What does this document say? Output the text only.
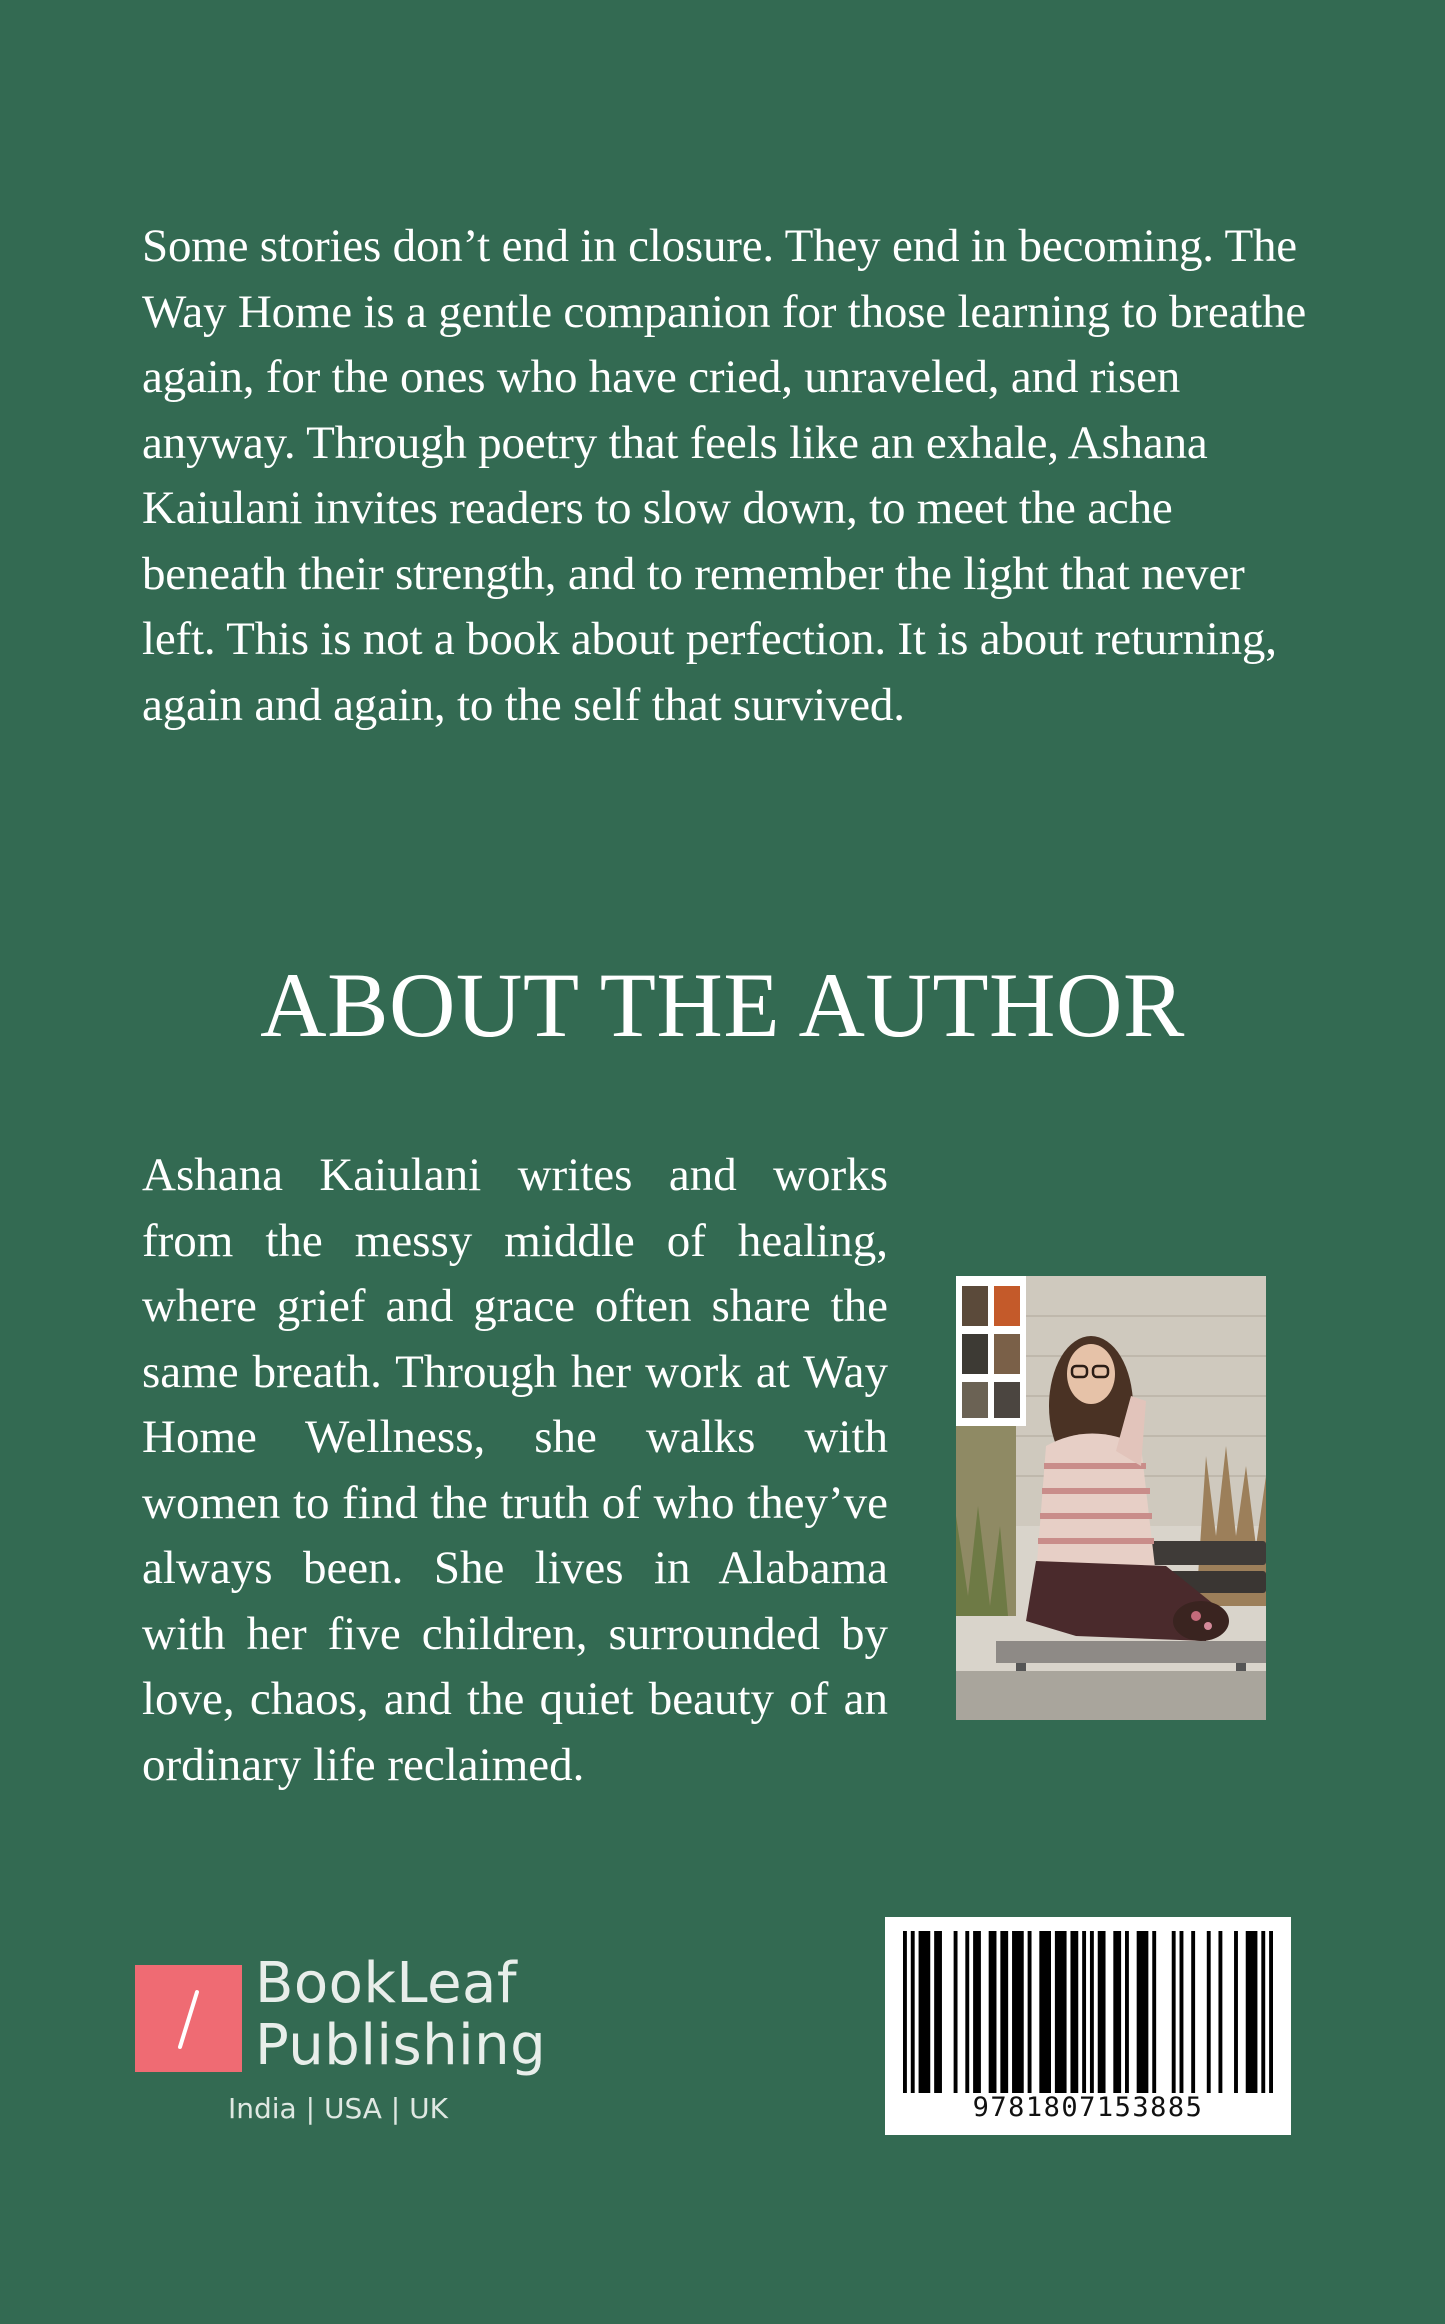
Some stories don’t end in closure. They end in becoming. The Way Home is a gentle companion for those learning to breathe again, for the ones who have cried, unraveled, and risen anyway. Through poetry that feels like an exhale, Ashana Kaiulani invites readers to slow down, to meet the ache beneath their strength, and to remember the light that never left. This is not a book about perfection. It is about returning, again and again, to the self that survived.

ABOUT THE AUTHOR

Ashana Kaiulani writes and works from the messy middle of healing, where grief and grace often share the same breath. Through her work at Way Home Wellness, she walks with women to find the truth of who they’ve always been. She lives in Alabama with her five children, surrounded by love, chaos, and the quiet beauty of an ordinary life reclaimed.

BookLeaf
Publishing
India | USA | UK	9781807153885
